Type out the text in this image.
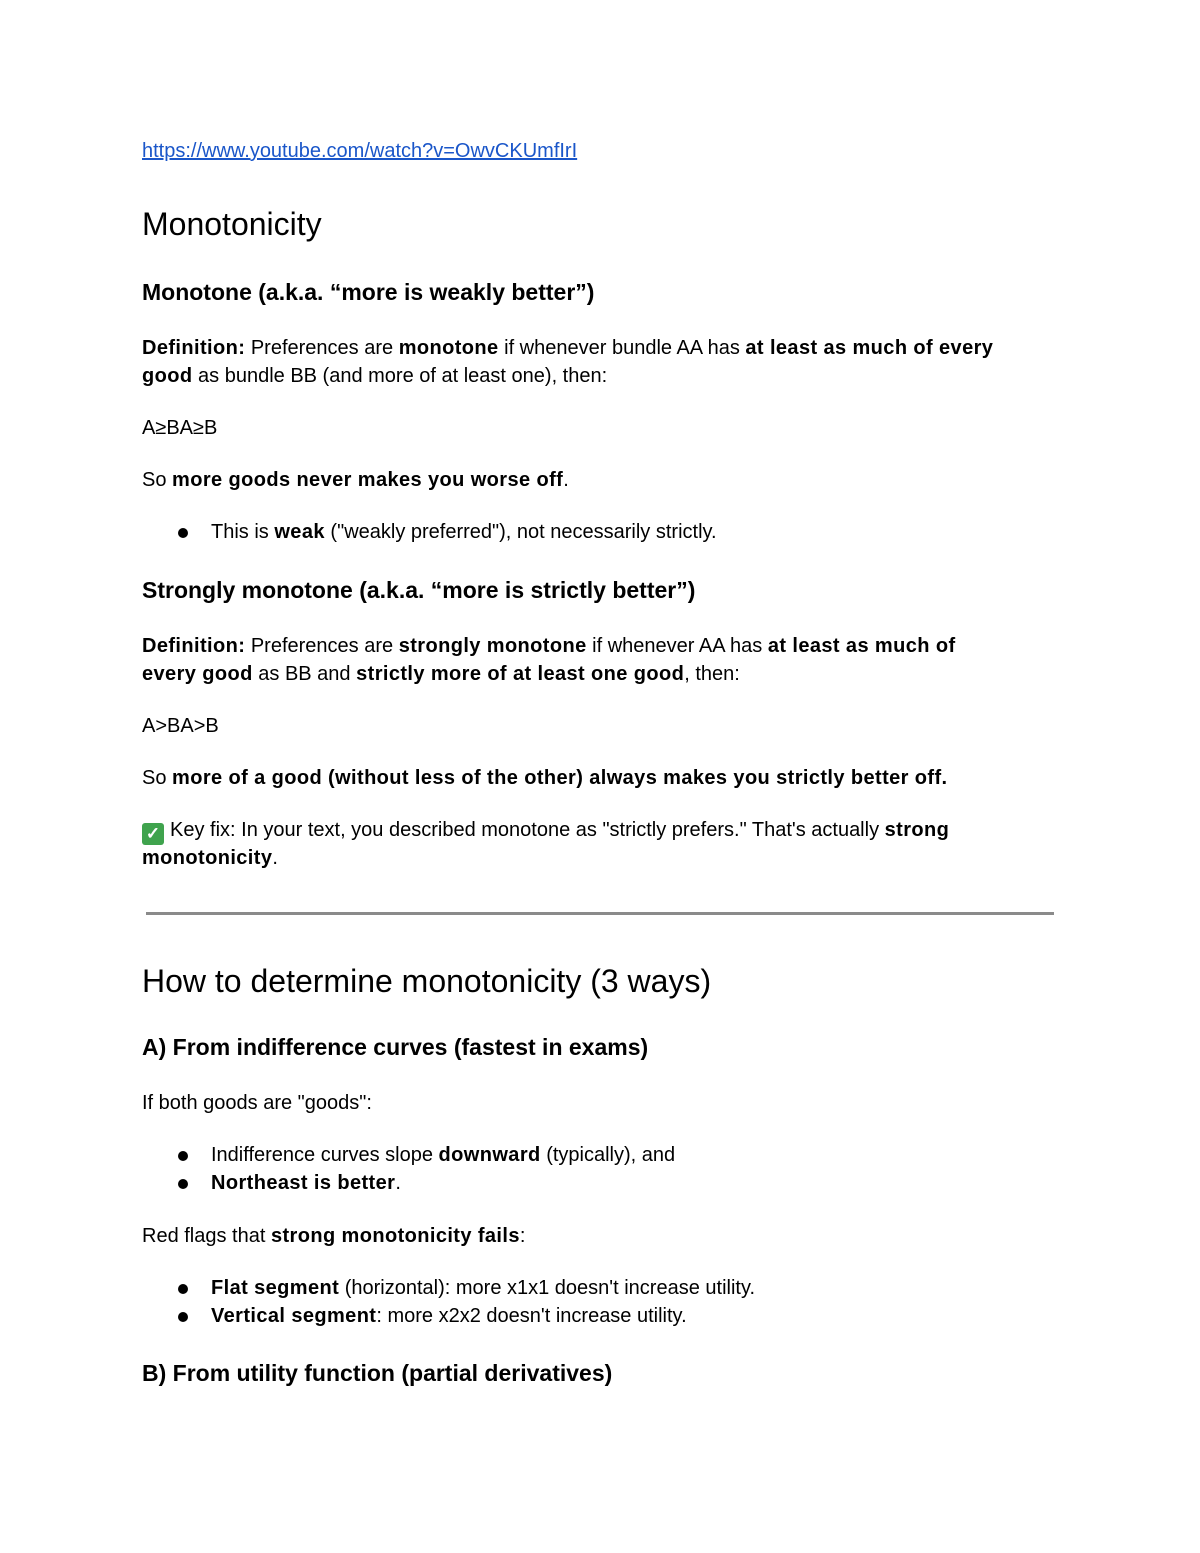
https://www.youtube.com/watch?v=OwvCKUmfIrI
Monotonicity
Monotone (a.k.a. “more is weakly better”)
Definition: Preferences are monotone if whenever bundle AA has at least as much of every
good as bundle BB (and more of at least one), then:
A≥BA≥B
So more goods never makes you worse off.
This is weak ("weakly preferred"), not necessarily strictly.
Strongly monotone (a.k.a. “more is strictly better”)
Definition: Preferences are strongly monotone if whenever AA has at least as much of
every good as BB and strictly more of at least one good, then:
A>BA>B
So more of a good (without less of the other) always makes you strictly better off.
✓ Key fix: In your text, you described monotone as "strictly prefers." That's actually strong
monotonicity.
How to determine monotonicity (3 ways)
A) From indifference curves (fastest in exams)
If both goods are "goods":
Indifference curves slope downward (typically), and
Northeast is better.
Red flags that strong monotonicity fails:
Flat segment (horizontal): more x1x1 doesn't increase utility.
Vertical segment: more x2x2 doesn't increase utility.
B) From utility function (partial derivatives)
